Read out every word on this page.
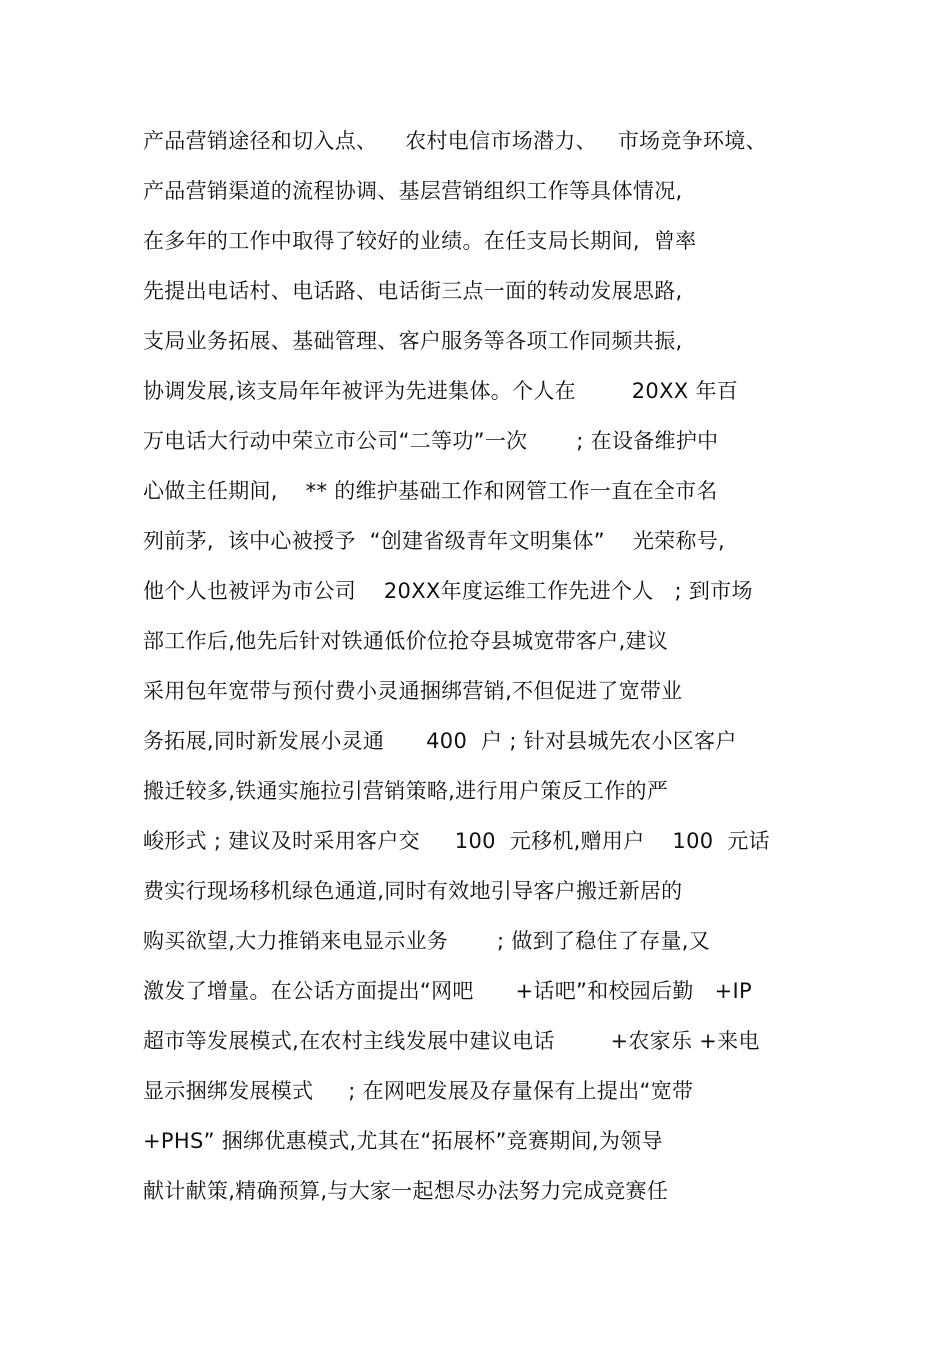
产品营销途径和切入点、    农村电信市场潜力、   市场竞争环境、
产品营销渠道的流程协调、基层营销组织工作等具体情况,
在多年的工作中取得了较好的业绩。在任支局长期间,  曾率
先提出电话村、电话路、电话街三点一面的转动发展思路,
支局业务拓展、基础管理、客户服务等各项工作同频共振,
协调发展,该支局年年被评为先进集体。个人在        20XX 年百
万电话大行动中荣立市公司“二等功”一次       ; 在设备维护中
心做主任期间,    ** 的维护基础工作和网管工作一直在全市名
列前茅,  该中心被授予  “创建省级青年文明集体”    光荣称号,
他个人也被评为市公司    20XX年度运维工作先进个人   ; 到市场
部工作后,他先后针对铁通低价位抢夺县城宽带客户,建议
采用包年宽带与预付费小灵通捆绑营销,不但促进了宽带业
务拓展,同时新发展小灵通      400  户 ; 针对县城先农小区客户
搬迁较多,铁通实施拉引营销策略,进行用户策反工作的严
峻形式 ; 建议及时采用客户交     100  元移机,赠用户    100  元话
费实行现场移机绿色通道,同时有效地引导客户搬迁新居的
购买欲望,大力推销来电显示业务       ; 做到了稳住了存量,又
激发了增量。在公话方面提出“网吧      +话吧”和校园后勤   +IP
超市等发展模式,在农村主线发展中建议电话        +农家乐 +来电
显示捆绑发展模式     ; 在网吧发展及存量保有上提出“宽带
+PHS” 捆绑优惠模式,尤其在“拓展杯”竞赛期间,为领导
献计献策,精确预算,与大家一起想尽办法努力完成竞赛任
